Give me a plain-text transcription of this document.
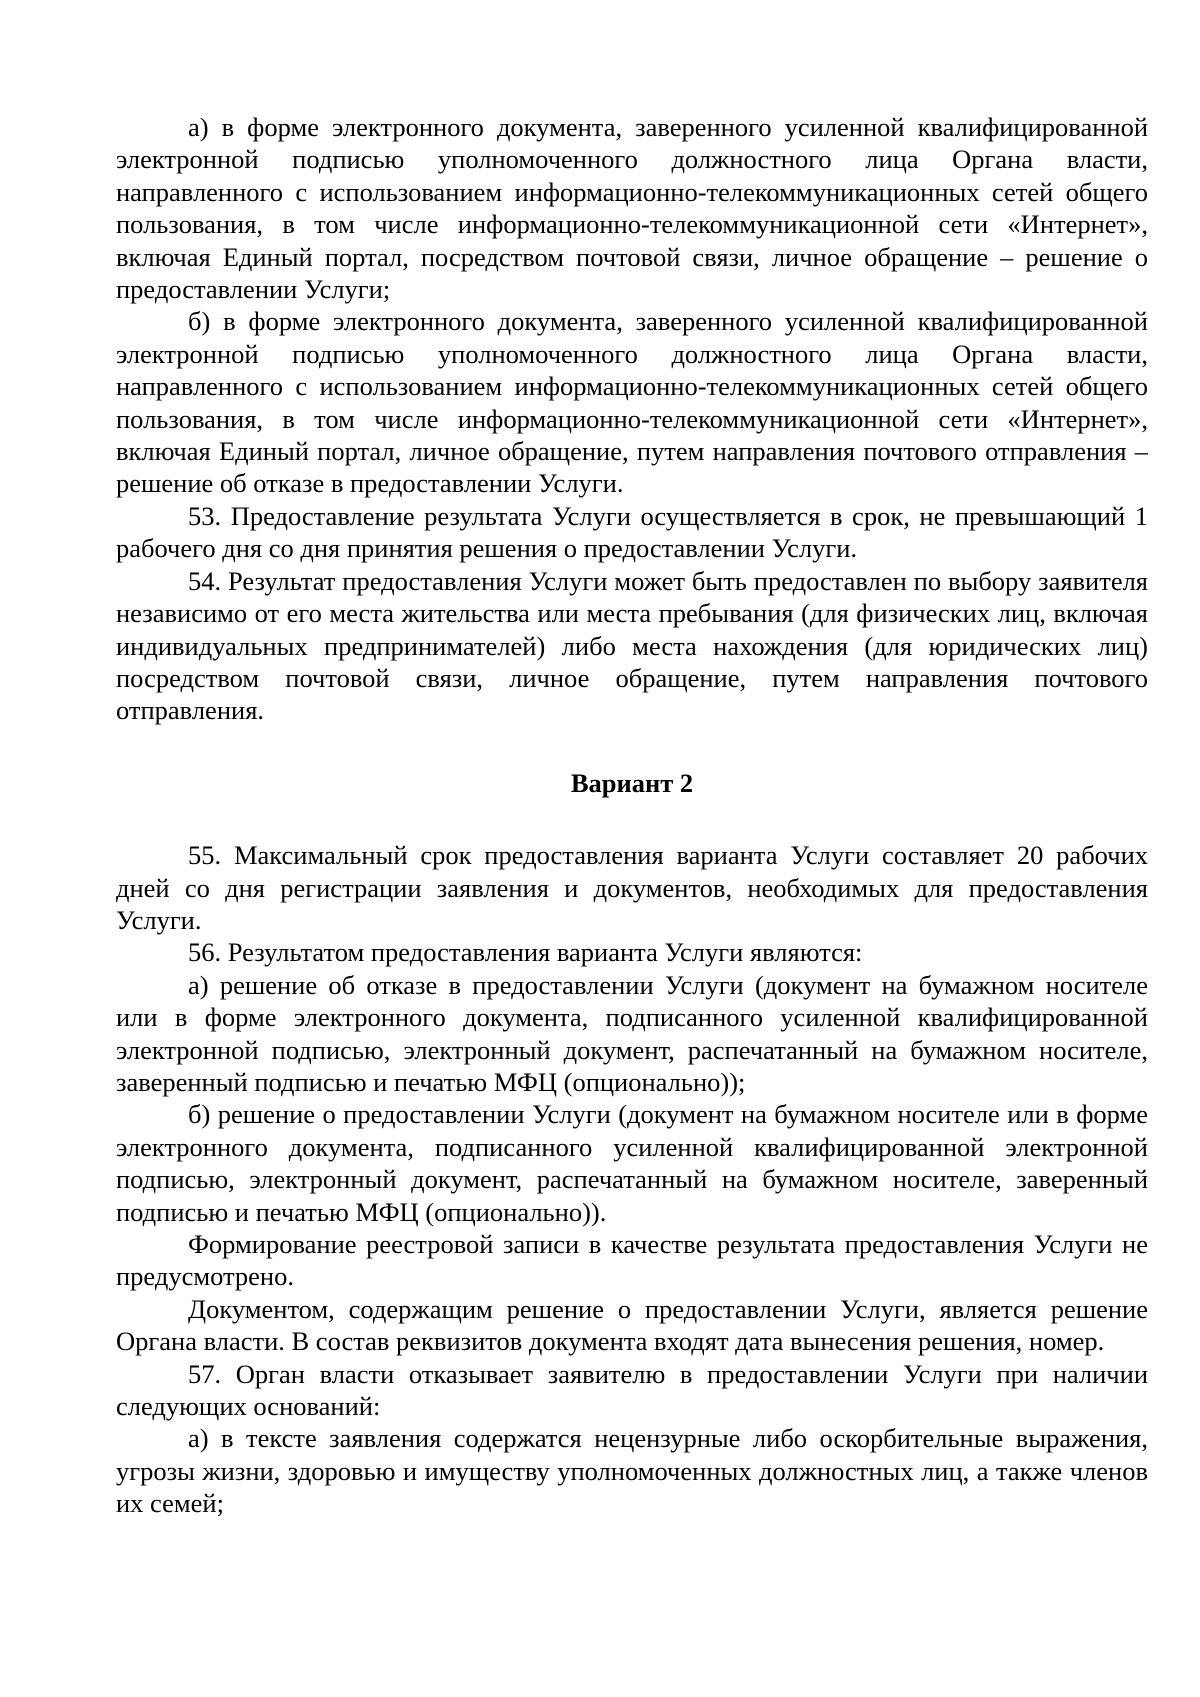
а) в форме электронного документа, заверенного усиленной квалифицированной электронной подписью уполномоченного должностного лица Органа власти, направленного с использованием информационно-телекоммуникационных сетей общего пользования, в том числе информационно-телекоммуникационной сети «Интернет», включая Единый портал, посредством почтовой связи, личное обращение – решение о предоставлении Услуги;

б) в форме электронного документа, заверенного усиленной квалифицированной электронной подписью уполномоченного должностного лица Органа власти, направленного с использованием информационно-телекоммуникационных сетей общего пользования, в том числе информационно-телекоммуникационной сети «Интернет», включая Единый портал, личное обращение, путем направления почтового отправления – решение об отказе в предоставлении Услуги.

53. Предоставление результата Услуги осуществляется в срок, не превышающий 1 рабочего дня со дня принятия решения о предоставлении Услуги.

54. Результат предоставления Услуги может быть предоставлен по выбору заявителя независимо от его места жительства или места пребывания (для физических лиц, включая индивидуальных предпринимателей) либо места нахождения (для юридических лиц) посредством почтовой связи, личное обращение, путем направления почтового отправления.

Вариант 2

55. Максимальный срок предоставления варианта Услуги составляет 20 рабочих дней со дня регистрации заявления и документов, необходимых для предоставления Услуги.

56. Результатом предоставления варианта Услуги являются:

а) решение об отказе в предоставлении Услуги (документ на бумажном носителе или в форме электронного документа, подписанного усиленной квалифицированной электронной подписью, электронный документ, распечатанный на бумажном носителе, заверенный подписью и печатью МФЦ (опционально));

б) решение о предоставлении Услуги (документ на бумажном носителе или в форме электронного документа, подписанного усиленной квалифицированной электронной подписью, электронный документ, распечатанный на бумажном носителе, заверенный подписью и печатью МФЦ (опционально)).

Формирование реестровой записи в качестве результата предоставления Услуги не предусмотрено.

Документом, содержащим решение о предоставлении Услуги, является решение Органа власти. В состав реквизитов документа входят дата вынесения решения, номер.

57. Орган власти отказывает заявителю в предоставлении Услуги при наличии следующих оснований:

а) в тексте заявления содержатся нецензурные либо оскорбительные выражения, угрозы жизни, здоровью и имуществу уполномоченных должностных лиц, а также членов их семей;
